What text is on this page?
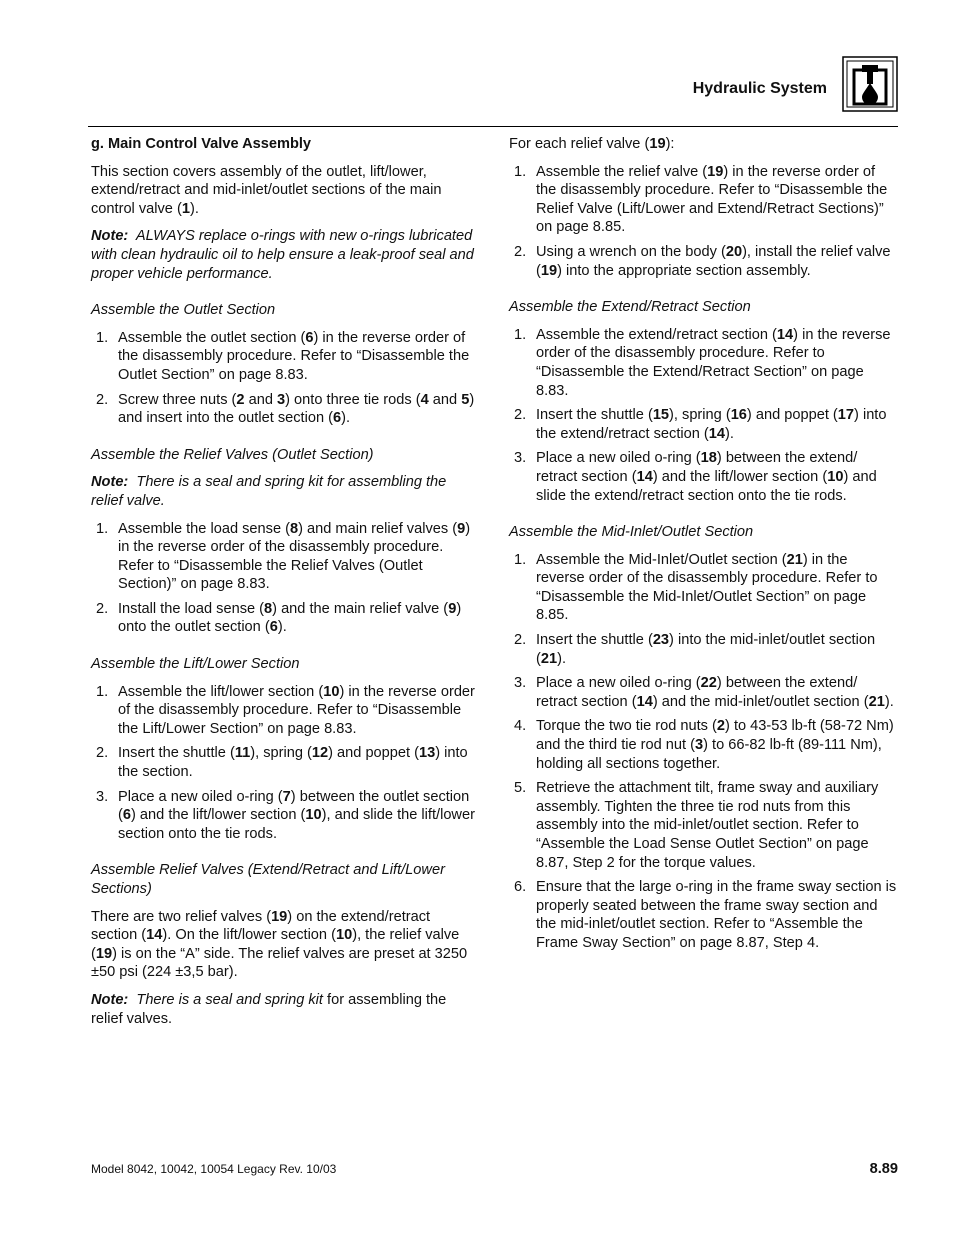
Hydraulic System
g. Main Control Valve Assembly

This section covers assembly of the outlet, lift/lower, extend/retract and mid-inlet/outlet sections of the main control valve (1).

Note: ALWAYS replace o-rings with new o-rings lubricated with clean hydraulic oil to help ensure a leak-proof seal and proper vehicle performance.

Assemble the Outlet Section
1. Assemble the outlet section (6) in the reverse order of the disassembly procedure. Refer to “Disassemble the Outlet Section” on page 8.83.
2. Screw three nuts (2 and 3) onto three tie rods (4 and 5) and insert into the outlet section (6).
Assemble the Relief Valves (Outlet Section)

Note: There is a seal and spring kit for assembling the relief valve.

1. Assemble the load sense (8) and main relief valves (9) in the reverse order of the disassembly procedure. Refer to “Disassemble the Relief Valves (Outlet Section)” on page 8.83.
2. Install the load sense (8) and the main relief valve (9) onto the outlet section (6).
Assemble the Lift/Lower Section
1. Assemble the lift/lower section (10) in the reverse order of the disassembly procedure. Refer to “Disassemble the Lift/Lower Section” on page 8.83.
2. Insert the shuttle (11), spring (12) and poppet (13) into the section.
3. Place a new oiled o-ring (7) between the outlet section (6) and the lift/lower section (10), and slide the lift/lower section onto the tie rods.
Assemble Relief Valves (Extend/Retract and Lift/Lower Sections)

There are two relief valves (19) on the extend/retract section (14). On the lift/lower section (10), the relief valve (19) is on the “A” side. The relief valves are preset at 3250 ±50 psi (224 ±3,5 bar).

Note: There is a seal and spring kit for assembling the relief valves.

For each relief valve (19):

1. Assemble the relief valve (19) in the reverse order of the disassembly procedure. Refer to “Disassemble the Relief Valve (Lift/Lower and Extend/Retract Sections)” on page 8.85.
2. Using a wrench on the body (20), install the relief valve (19) into the appropriate section assembly.
Assemble the Extend/Retract Section
1. Assemble the extend/retract section (14) in the reverse order of the disassembly procedure. Refer to “Disassemble the Extend/Retract Section” on page 8.83.
2. Insert the shuttle (15), spring (16) and poppet (17) into the extend/retract section (14).
3. Place a new oiled o-ring (18) between the extend/ retract section (14) and the lift/lower section (10) and slide the extend/retract section onto the tie rods.
Assemble the Mid-Inlet/Outlet Section
1. Assemble the Mid-Inlet/Outlet section (21) in the reverse order of the disassembly procedure. Refer to “Disassemble the Mid-Inlet/Outlet Section” on page 8.85.
2. Insert the shuttle (23) into the mid-inlet/outlet section (21).
3. Place a new oiled o-ring (22) between the extend/ retract section (14) and the mid-inlet/outlet section (21).
4. Torque the two tie rod nuts (2) to 43-53 lb-ft (58-72 Nm) and the third tie rod nut (3) to 66-82 lb-ft (89-111 Nm), holding all sections together.
5. Retrieve the attachment tilt, frame sway and auxiliary assembly. Tighten the three tie rod nuts from this assembly into the mid-inlet/outlet section. Refer to “Assemble the Load Sense Outlet Section” on page 8.87, Step 2 for the torque values.
6. Ensure that the large o-ring in the frame sway section is properly seated between the frame sway section and the mid-inlet/outlet section. Refer to “Assemble the Frame Sway Section” on page 8.87, Step 4.
Model 8042, 10042, 10054 Legacy Rev. 10/03	8.89
